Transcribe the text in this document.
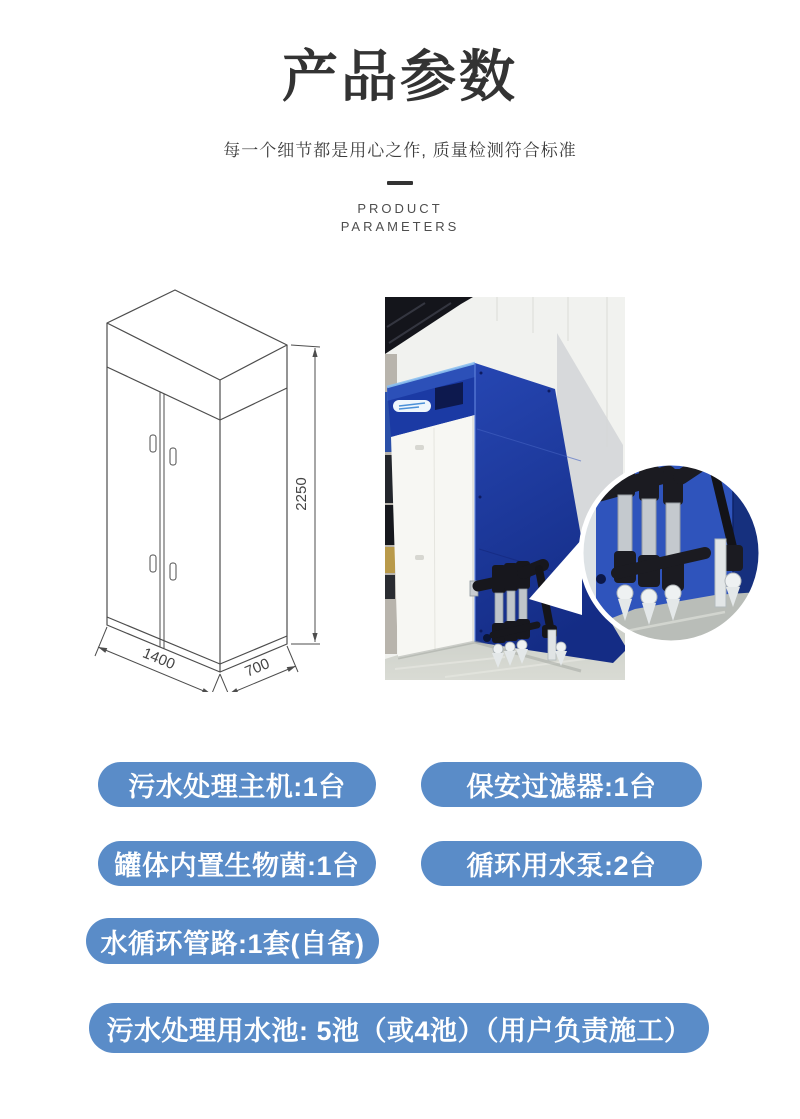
产品参数
每一个细节都是用心之作, 质量检测符合标准
PRODUCT
PARAMETERS
2250
1400	700
污水处理主机:1台	保安过滤器:1台
罐体内置生物菌:1台	循环用水泵:2台
水循环管路:1套(自备)
污水处理用水池: 5池（或4池）（用户负责施工）
